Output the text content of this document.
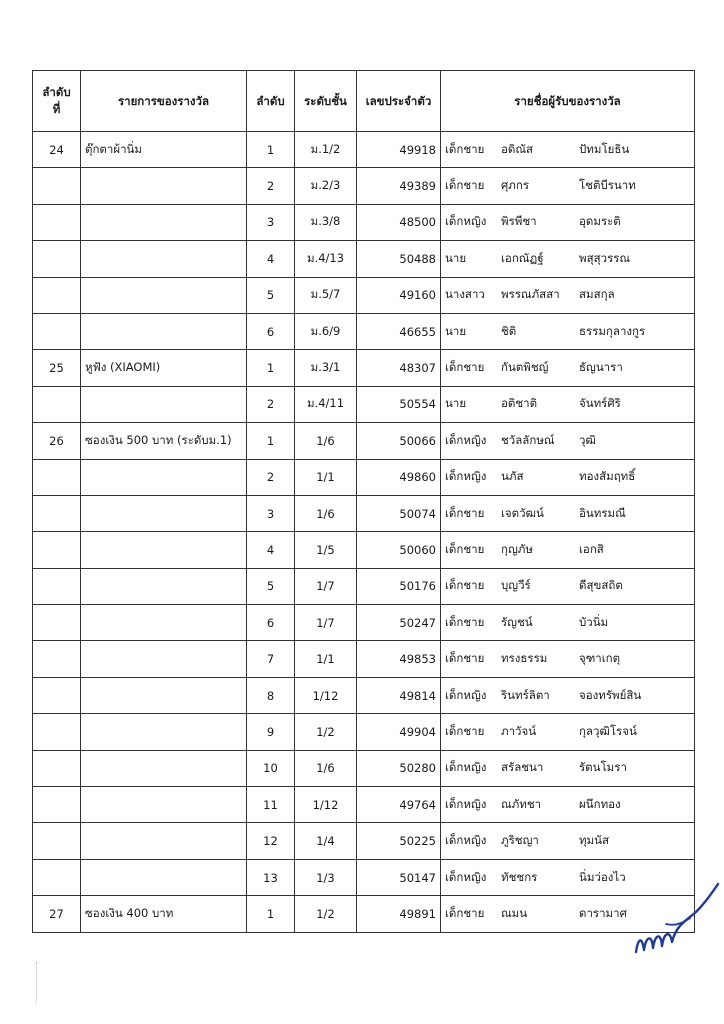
ลำดับ
ที่	รายการของรางวัล	ลำดับ	ระดับชั้น	เลขประจำตัว	รายชื่อผู้รับของรางวัล
24	ตุ๊กตาผ้านิ่ม	1	ม.1/2	49918	เด็กชาย อดิณัส ปัทมโยธิน
		2	ม.2/3	49389	เด็กชาย ศุภกร โชติบีรนาท
		3	ม.3/8	48500	เด็กหญิง พิรพีชา อุดมระติ
		4	ม.4/13	50488	นาย เอกณัฏฐ์ พสุสุวรรณ
		5	ม.5/7	49160	นางสาว พรรณภัสสา สมสกุล
		6	ม.6/9	46655	นาย ชิติ ธรรมกุลางกูร
25	หูฟัง (XIAOMI)	1	ม.3/1	48307	เด็กชาย กันตพิชญ์ ธัญนารา
		2	ม.4/11	50554	นาย อติชาติ จันทร์ศิริ
26	ซองเงิน 500 บาท (ระดับม.1)	1	1/6	50066	เด็กหญิง ชวัลลักษณ์ วุฒิ
		2	1/1	49860	เด็กหญิง นภัส ทองสัมฤทธิ์
		3	1/6	50074	เด็กชาย เจตวัฒน์ อินทรมณี
		4	1/5	50060	เด็กชาย กุญภัษ เอกสิ
		5	1/7	50176	เด็กชาย บุญวีร์ ดีสุขสถิต
		6	1/7	50247	เด็กชาย รัญชน์ บัวนิ่ม
		7	1/1	49853	เด็กชาย ทรงธรรม จุฑาเกตุ
		8	1/12	49814	เด็กหญิง รินทร์ลิตา จองทรัพย์สิน
		9	1/2	49904	เด็กชาย ภาวัจน์ กุลวุฒิโรจน์
		10	1/6	50280	เด็กหญิง สรัลชนา รัตนโมรา
		11	1/12	49764	เด็กหญิง ณภัทชา ผนึกทอง
		12	1/4	50225	เด็กหญิง ภูริชญา ทุมนัส
		13	1/3	50147	เด็กหญิง ทัชชกร นิ่มว่องไว
27	ซองเงิน 400 บาท	1	1/2	49891	เด็กชาย ณมน ดารามาศ
